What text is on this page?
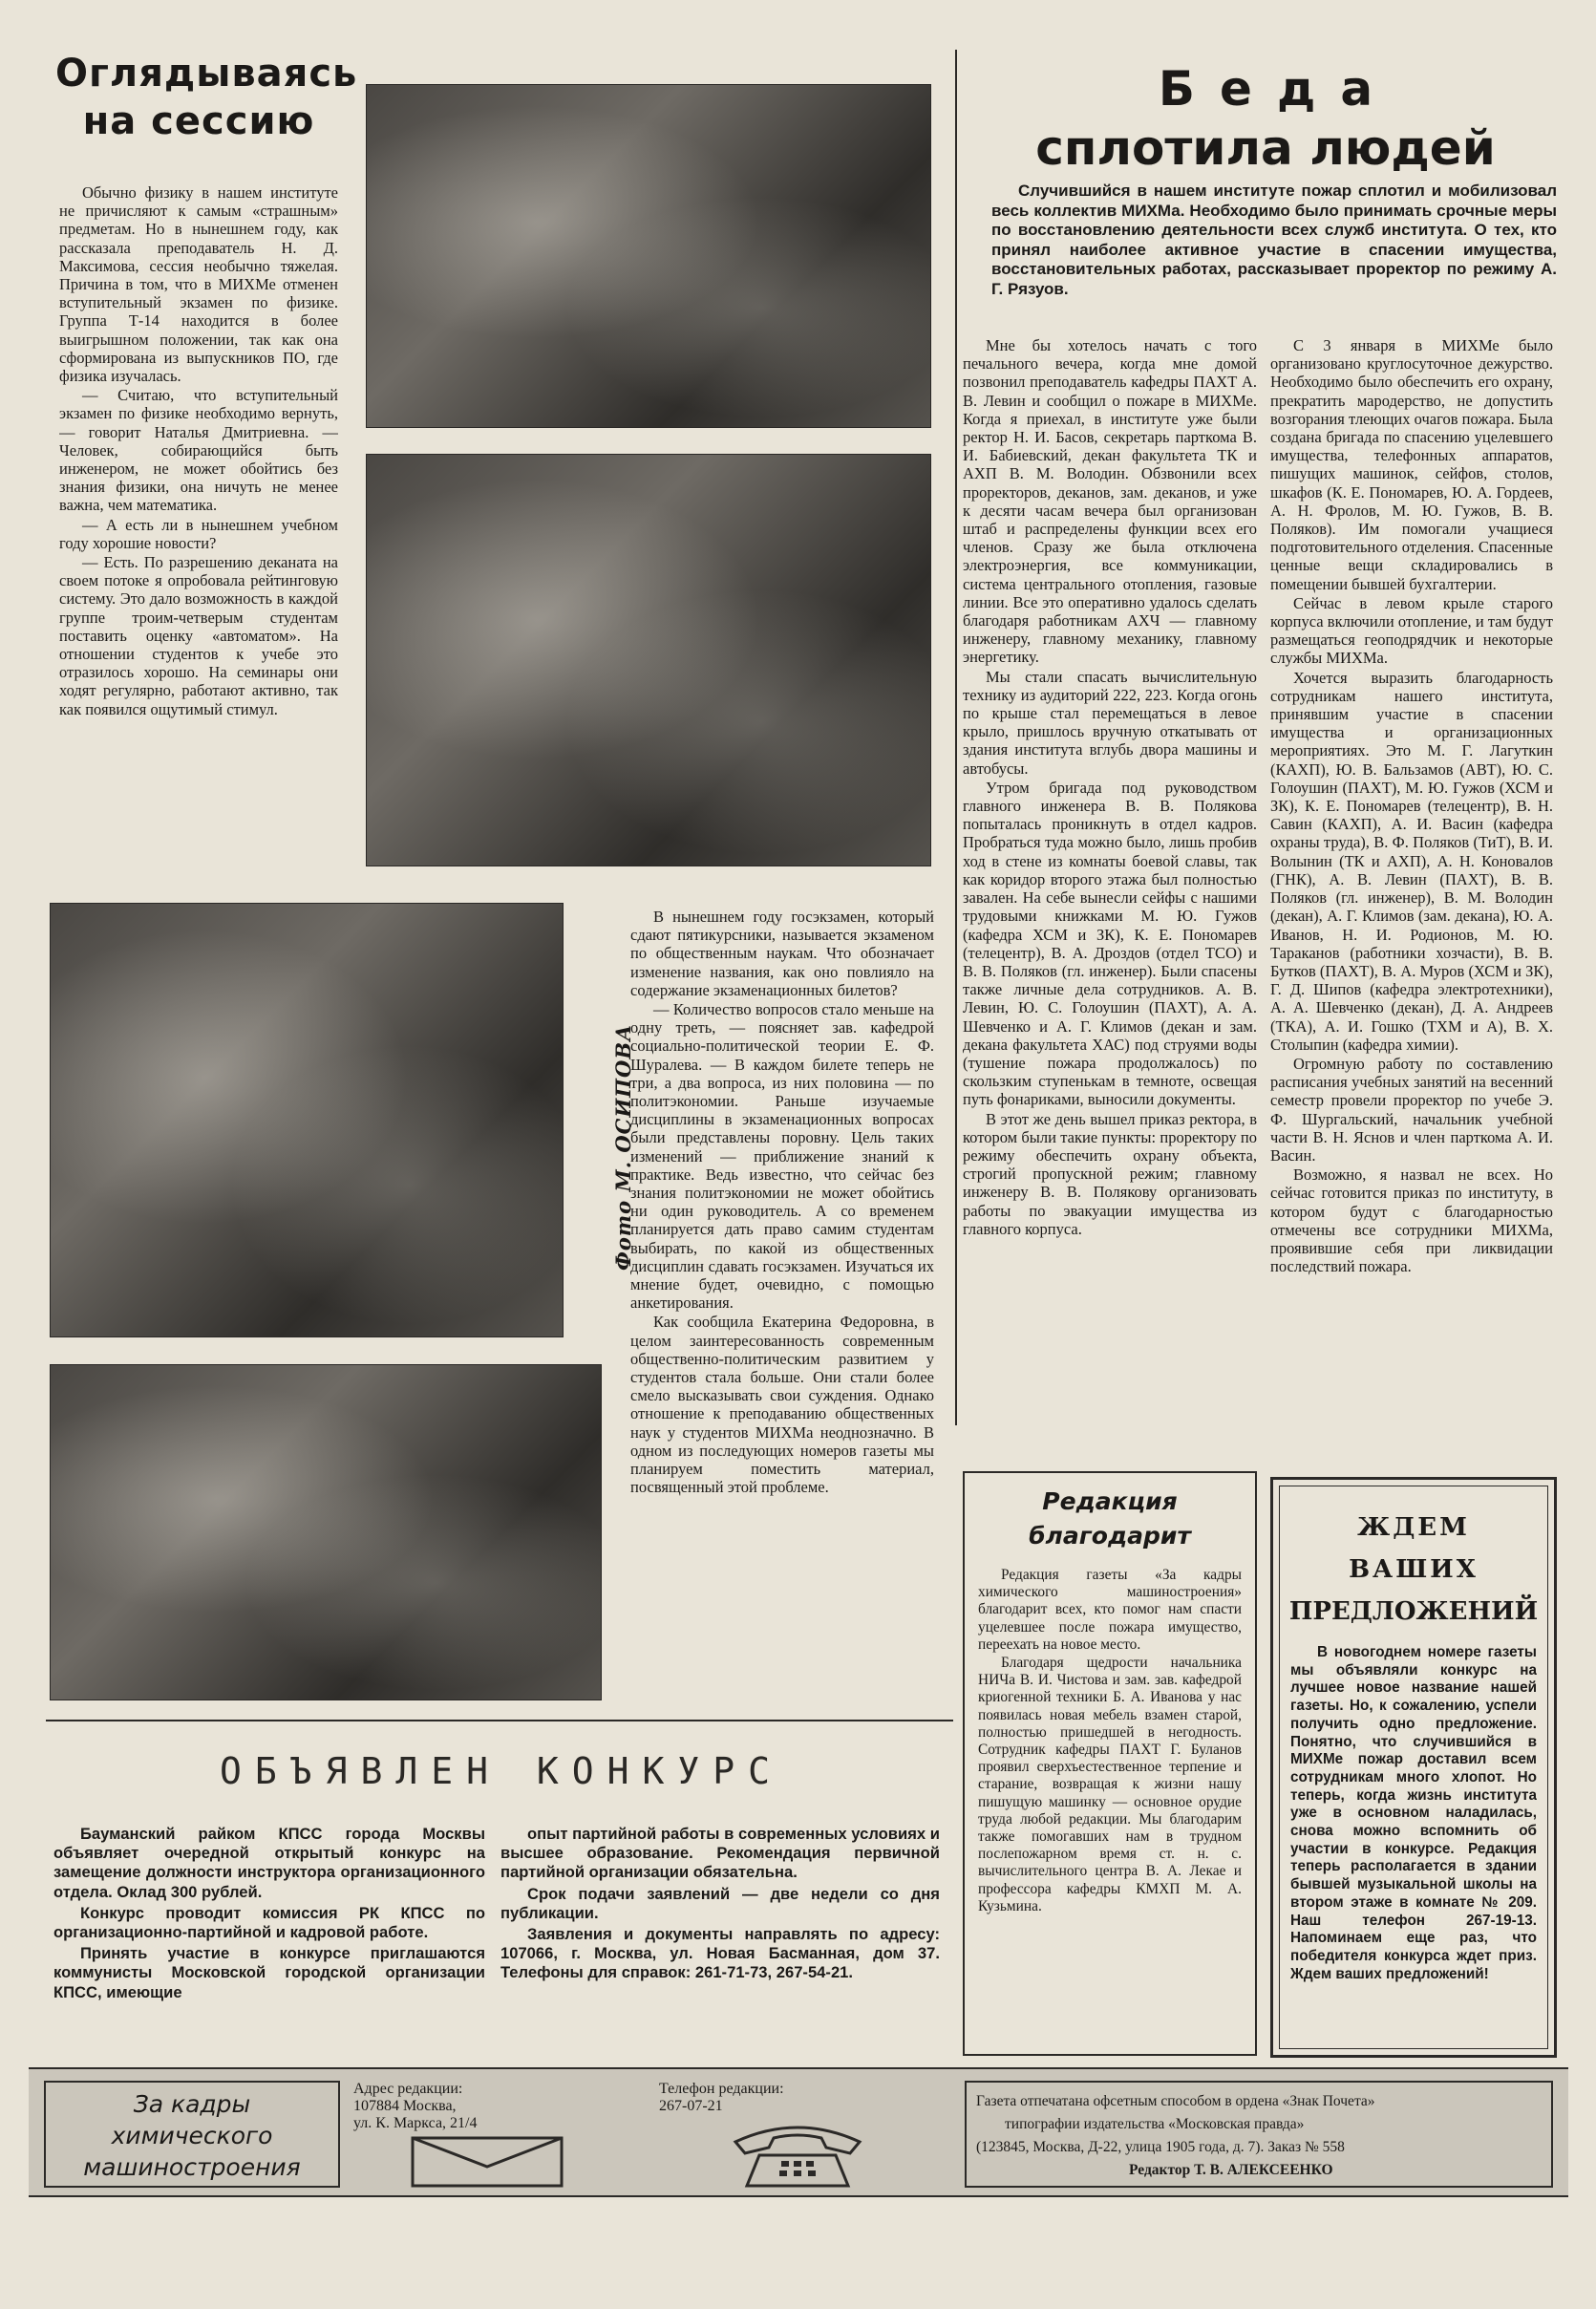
Оглядываясь
на сессию

Обычно физику в нашем институте не причисляют к самым «страшным» предметам. Но в нынешнем году, как рассказала преподаватель Н. Д. Максимова, сессия необычно тяжелая. Причина в том, что в МИХМе отменен вступительный экзамен по физике. Группа Т-14 находится в более выигрышном положении, так как она сформирована из выпускников ПО, где физика изучалась.

— Считаю, что вступительный экзамен по физике необходимо вернуть, — говорит Наталья Дмитриевна. — Человек, собирающийся быть инженером, не может обойтись без знания физики, она ничуть не менее важна, чем математика.

— А есть ли в нынешнем учебном году хорошие новости?

— Есть. По разрешению деканата на своем потоке я опробовала рейтинговую систему. Это дало возможность в каждой группе троим-четверым студентам поставить оценку «автоматом». На отношении студентов к учебе это отразилось хорошо. На семинары они ходят регулярно, работают активно, так как появился ощутимый стимул.

Фото М. ОСИПОВА

В нынешнем году госэкзамен, который сдают пятикурсники, называется экзаменом по общественным наукам. Что обозначает изменение названия, как оно повлияло на содержание экзаменационных билетов?

— Количество вопросов стало меньше на одну треть, — поясняет зав. кафедрой социально-политической теории Е. Ф. Шуралева. — В каждом билете теперь не три, а два вопроса, из них половина — по политэкономии. Раньше изучаемые дисциплины в экзаменационных вопросах были представлены поровну. Цель таких изменений — приближение знаний к практике. Ведь известно, что сейчас без знания политэкономии не может обойтись ни один руководитель. А со временем планируется дать право самим студентам выбирать, по какой из общественных дисциплин сдавать госэкзамен. Изучаться их мнение будет, очевидно, с помощью анкетирования.

Как сообщила Екатерина Федоровна, в целом заинтересованность современным общественно-политическим развитием у студентов стала больше. Они стали более смело высказывать свои суждения. Однако отношение к преподаванию общественных наук у студентов МИХМа неоднозначно. В одном из последующих номеров газеты мы планируем поместить материал, посвященный этой проблеме.

Беда
сплотила людей

Случившийся в нашем институте пожар сплотил и мобилизовал весь коллектив МИХМа. Необходимо было принимать срочные меры по восстановлению деятельности всех служб института. О тех, кто принял наиболее активное участие в спасении имущества, восстановительных работах, рассказывает проректор по режиму А. Г. Рязуов.

Мне бы хотелось начать с того печального вечера, когда мне домой позвонил преподаватель кафедры ПАХТ А. В. Левин и сообщил о пожаре в МИХМе. Когда я приехал, в институте уже были ректор Н. И. Басов, секретарь парткома В. И. Бабиевский, декан факультета ТК и АХП В. М. Володин. Обзвонили всех проректоров, деканов, зам. деканов, и уже к десяти часам вечера был организован штаб и распределены функции всех его членов. Сразу же была отключена электроэнергия, все коммуникации, система центрального отопления, газовые линии. Все это оперативно удалось сделать благодаря работникам АХЧ — главному инженеру, главному механику, главному энергетику.

Мы стали спасать вычислительную технику из аудиторий 222, 223. Когда огонь по крыше стал перемещаться в левое крыло, пришлось вручную откатывать от здания института вглубь двора машины и автобусы.

Утром бригада под руководством главного инженера В. В. Полякова попыталась проникнуть в отдел кадров. Пробраться туда можно было, лишь пробив ход в стене из комнаты боевой славы, так как коридор второго этажа был полностью завален. На себе вынесли сейфы с нашими трудовыми книжками М. Ю. Гужов (кафедра ХСМ и ЗК), К. Е. Пономарев (телецентр), В. А. Дроздов (отдел ТСО) и В. В. Поляков (гл. инженер). Были спасены также личные дела сотрудников. А. В. Левин, Ю. С. Голоушин (ПАХТ), А. А. Шевченко и А. Г. Климов (декан и зам. декана факультета ХАС) под струями воды (тушение пожара продолжалось) по скользким ступенькам в темноте, освещая путь фонариками, выносили документы.

В этот же день вышел приказ ректора, в котором были такие пункты: проректору по режиму обеспечить охрану объекта, строгий пропускной режим; главному инженеру В. В. Полякову организовать работы по эвакуации имущества из главного корпуса.

С 3 января в МИХМе было организовано круглосуточное дежурство. Необходимо было обеспечить его охрану, прекратить мародерство, не допустить возгорания тлеющих очагов пожара. Была создана бригада по спасению уцелевшего имущества, телефонных аппаратов, пишущих машинок, сейфов, столов, шкафов (К. Е. Пономарев, Ю. А. Гордеев, А. Н. Фролов, М. Ю. Гужов, В. В. Поляков). Им помогали учащиеся подготовительного отделения. Спасенные ценные вещи складировались в помещении бывшей бухгалтерии.

Сейчас в левом крыле старого корпуса включили отопление, и там будут размещаться геоподрядчик и некоторые службы МИХМа.

Хочется выразить благодарность сотрудникам нашего института, принявшим участие в спасении имущества и организационных мероприятиях. Это М. Г. Лагуткин (КАХП), Ю. В. Бальзамов (АВТ), Ю. С. Голоушин (ПАХТ), М. Ю. Гужов (ХСМ и ЗК), К. Е. Пономарев (телецентр), В. Н. Савин (КАХП), А. И. Васин (кафедра охраны труда), В. Ф. Поляков (ТиТ), В. И. Волынин (ТК и АХП), А. Н. Коновалов (ГНК), А. В. Левин (ПАХТ), В. В. Поляков (гл. инженер), В. М. Володин (декан), А. Г. Климов (зам. декана), Ю. А. Иванов, Н. И. Родионов, М. Ю. Тараканов (работники хозчасти), В. В. Бутков (ПАХТ), В. А. Муров (ХСМ и ЗК), Г. Д. Шипов (кафедра электротехники), А. А. Шевченко (декан), Д. А. Андреев (ТКА), А. И. Гошко (ТХМ и А), В. Х. Столыпин (кафедра химии).

Огромную работу по составлению расписания учебных занятий на весенний семестр провели проректор по учебе Э. Ф. Шургальский, начальник учебной части В. Н. Яснов и член парткома А. И. Васин.

Возможно, я назвал не всех. Но сейчас готовится приказ по институту, в котором будут с благодарностью отмечены все сотрудники МИХМа, проявившие себя при ликвидации последствий пожара.

Редакция
благодарит

Редакция газеты «За кадры химического машиностроения» благодарит всех, кто помог нам спасти уцелевшее после пожара имущество, переехать на новое место.

Благодаря щедрости начальника НИЧа В. И. Чистова и зам. зав. кафедрой криогенной техники Б. А. Иванова у нас появилась новая мебель взамен старой, полностью пришедшей в негодность. Сотрудник кафедры ПАХТ Г. Буланов проявил сверхъестественное терпение и старание, возвращая к жизни нашу пишущую машинку — основное орудие труда любой редакции. Мы благодарим также помогавших нам в трудном послепожарном время ст. н. с. вычислительного центра В. А. Лекае и профессора кафедры КМХП М. А. Кузьмина.

ЖДЕМ
ВАШИХ
ПРЕДЛОЖЕНИЙ

В новогоднем номере газеты мы объявляли конкурс на лучшее новое название нашей газеты. Но, к сожалению, успели получить одно предложение. Понятно, что случившийся в МИХМе пожар доставил всем сотрудникам много хлопот. Но теперь, когда жизнь института уже в основном наладилась, снова можно вспомнить об участии в конкурсе. Редакция теперь располагается в здании бывшей музыкальной школы на втором этаже в комнате № 209. Наш телефон 267-19-13. Напоминаем еще раз, что победителя конкурса ждет приз. Ждем ваших предложений!

ОБЪЯВЛЕН КОНКУРС

Бауманский райком КПСС города Москвы объявляет очередной открытый конкурс на замещение должности инструктора организационного отдела. Оклад 300 рублей.

Конкурс проводит комиссия РК КПСС по организационно-партийной и кадровой работе.

Принять участие в конкурсе приглашаются коммунисты Московской городской организации КПСС, имеющие

опыт партийной работы в современных условиях и высшее образование. Рекомендация первичной партийной организации обязательна.

Срок подачи заявлений — две недели со дня публикации.

Заявления и документы направлять по адресу: 107066, г. Москва, ул. Новая Басманная, дом 37. Телефоны для справок: 261-71-73, 267-54-21.

За кадры
химического
машиностроения
Адрес редакции:
107884 Москва,
ул. К. Маркса, 21/4
Телефон редакции:
267-07-21	Газета отпечатана офсетным способом в ордена «Знак Почета»
типографии издательства «Московская правда»
(123845, Москва, Д-22, улица 1905 года, д. 7). Заказ № 558
Редактор Т. В. АЛЕКСЕЕНКО
